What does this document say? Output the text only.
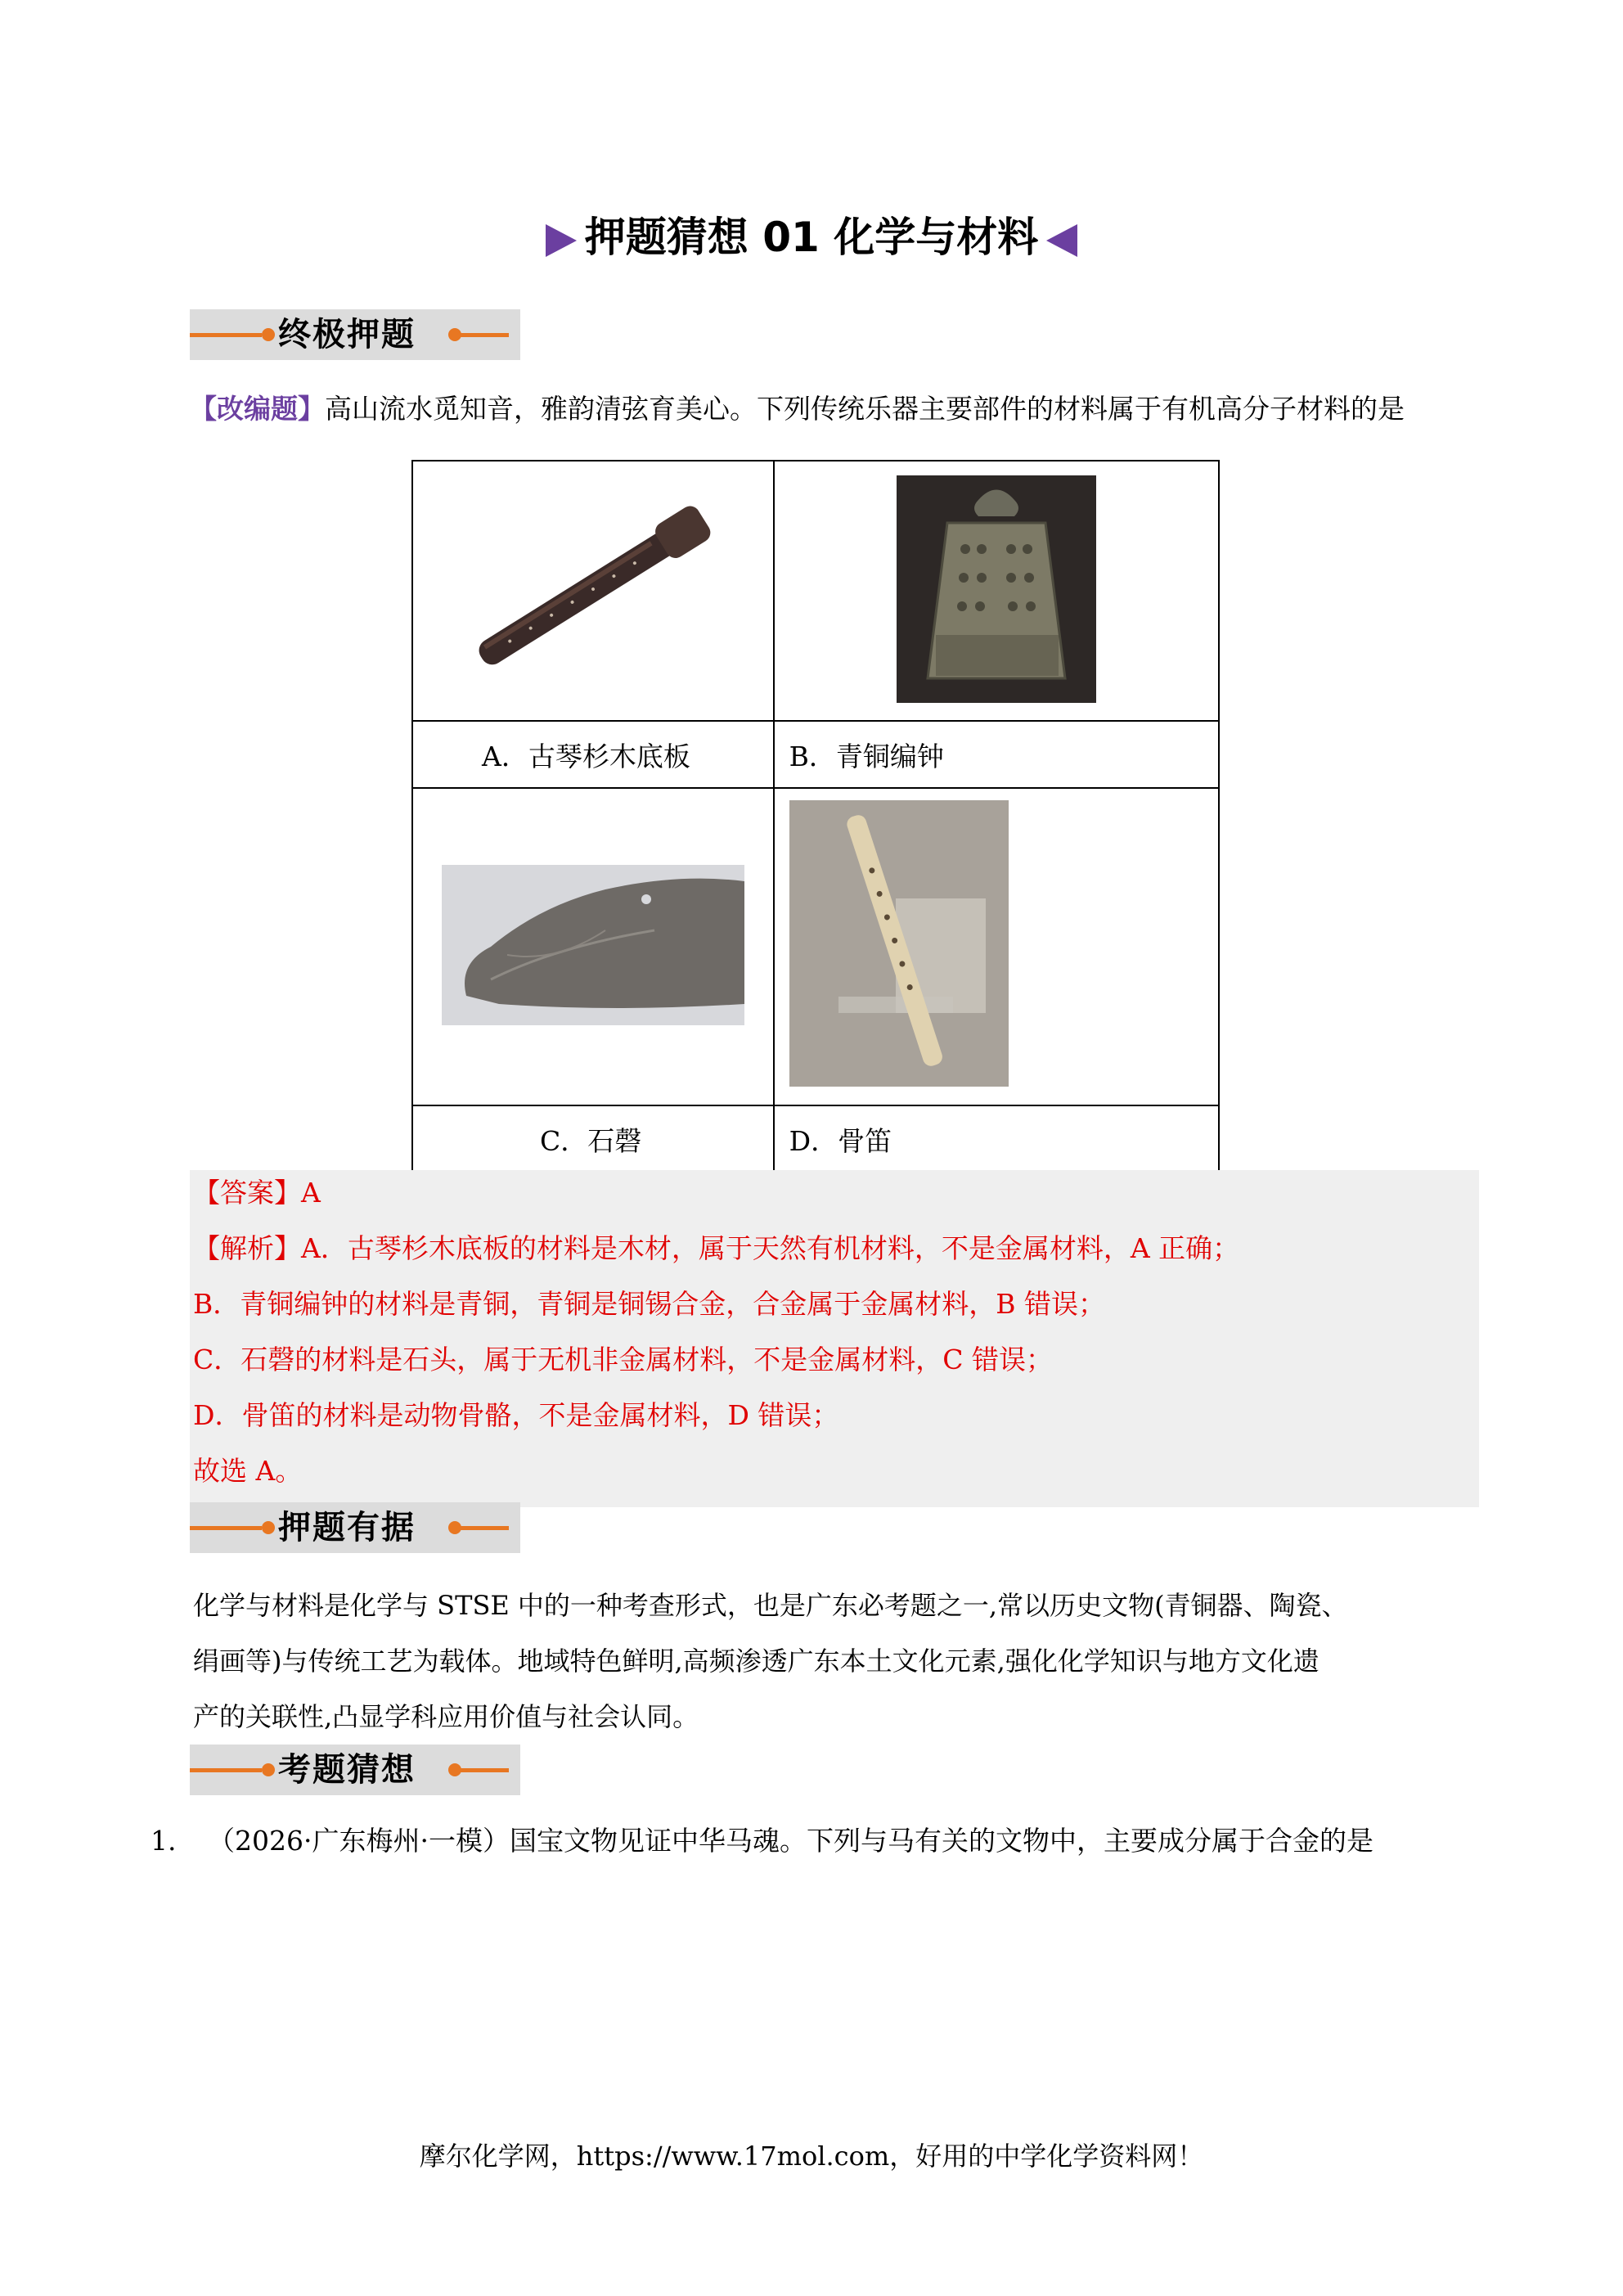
押题猜想 01 化学与材料
终极押题
【改编题】高山流水觅知音，雅韵清弦育美心。下列传统乐器主要部件的材料属于有机高分子材料的是

A．古琴杉木底板	B．青铜编钟

C．石磬	D．骨笛
【答案】A
【解析】A．古琴杉木底板的材料是木材，属于天然有机材料，不是金属材料，A 正确；
B．青铜编钟的材料是青铜，青铜是铜锡合金，合金属于金属材料，B 错误；
C．石磬的材料是石头，属于无机非金属材料，不是金属材料，C 错误；
D．骨笛的材料是动物骨骼，不是金属材料，D 错误；
故选 A。
押题有据
化学与材料是化学与 STSE 中的一种考查形式，也是广东必考题之一,常以历史文物(青铜器、陶瓷、
绢画等)与传统工艺为载体。地域特色鲜明,高频渗透广东本土文化元素,强化化学知识与地方文化遗
产的关联性,凸显学科应用价值与社会认同。
考题猜想
1. （2026·广东梅州·一模）国宝文物见证中华马魂。下列与马有关的文物中，主要成分属于合金的是
摩尔化学网，https://www.17mol.com，好用的中学化学资料网！
